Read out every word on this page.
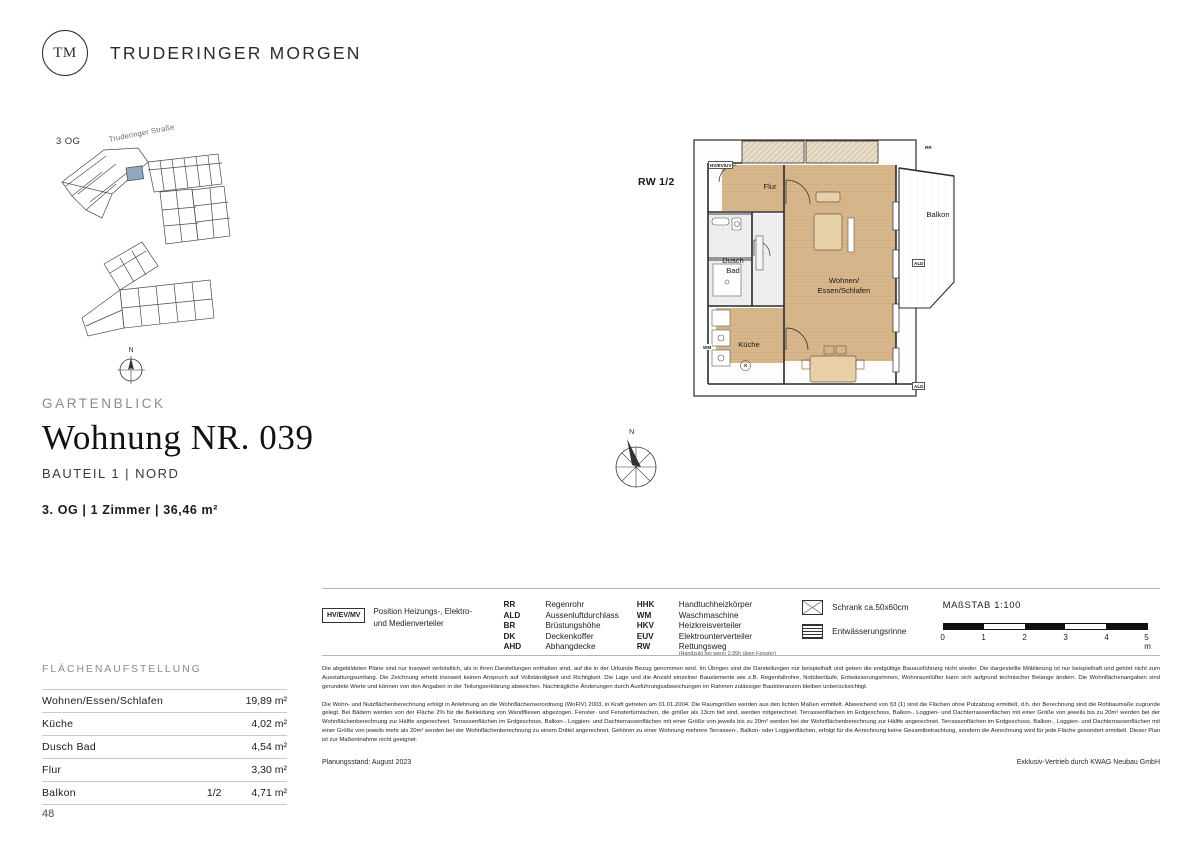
TM	TRUDERINGER MORGEN
3 OG	Truderinger Straße
N
GARTENBLICK
Wohnung NR. 039
BAUTEIL 1 | NORD
3. OG | 1 Zimmer | 36,46 m²
FLÄCHENAUFSTELLUNG
Wohnen/Essen/Schlafen		19,89 m²
Küche		4,02 m²
Dusch Bad		4,54 m²
Flur		3,30 m²
Balkon	1/2	4,71 m²
48
RW 1/2	Flur
Dusch
Bad
Küche
Wohnen/
Essen/Schlafen
Balkon
HV/EV/UV
RR
ALD
ALD
WM
N
HV/EV/MV	Position Heizungs-, Elektro- und Medienverteiler
RR	Regenrohr
ALD	Aussenluftdurchlass
BR	Brüstungshöhe
DK	Deckenkoffer
AHD	Abhangdecke
HHK	Handtuchheizkörper
WM	Waschmaschine
HKV	Heizkreisverteiler
EUV	Elektrounterverteiler
RW	Rettungsweg
(Handzukl bei wenn 2,95h üben Fenster)
Schrank ca.50x60cm
Entwässerungsrinne
MAßSTAB 1:100
0	1	2	3	4	5 m

Die abgebildeten Pläne sind nur insoweit verbindlich, als in ihren Darstellungen enthalten sind, auf die in der Urkunde Bezug genommen wird. Im Übrigen sind die Darstellungen nur beispielhaft und geben die endgültige Bauausführung nicht wieder. Die dargestellte Möblierung ist nur beispielhaft und gehört nicht zum Ausstattungsumfang. Die Zeichnung erhebt insoweit keinen Anspruch auf Vollständigkeit und Richtigkeit. Die Lage und die Anzahl einzelner Bauelemente wie z.B. Regenfallrohre, Notüberläufe, Entwässerungsrinnen, Wohnraumlüfter kann sich aufgrund technischer Belange ändern. Die Wohnflächenangaben sind gerundete Werte und können von den Angaben in der Teilungserklärung abweichen. Nachträgliche Änderungen durch Ausführungsabweichungen im Rahmen zulässiger Bautoleranzen bleiben unberücksichtigt.

Die Wohn- und Nutzflächenberechnung erfolgt in Anlehnung an die Wohnflächenverordnung (WoFIV) 2003, in Kraft getreten am 01.01.2004. Die Raumgrößen werden aus den lichten Maßen ermittelt. Abweichend von §3 (1) sind die Flächen ohne Putzabzug ermittelt, d.h. der Berechnung sind die Rohbaumaße zugrunde gelegt. Bei Bädern werden von der Fläche 2% für die Bekleidung von Wandfliesen abgezogen. Fenster- und Fenstertürnischen, die größer als 13cm tief sind, werden mitgerechnet. Terrassenflächen im Erdgeschoss, Balkon-, Loggien- und Dachterrassenflächen mit einer Größe von jeweils bis zu 20m² werden bei der Wohnflächenberechnung zur Hälfte angerechnet. Terrassenflächen im Erdgeschoss, Balkon-, Loggien- und Dachterrassenflächen mit einer Größe von jeweils bis zu 20m² werden bei der Wohnflächenberechnung zur Hälfte angerechnet. Terrassenflächen im Erdgeschoss, Balkon-, Loggien- und Dachterrassenflächen mit einer Größe von jeweils mehr als 20m² werden bei der Wohnflächenberechnung zu einem Drittel angerechnet. Gehören zu einer Wohnung mehrere Terrassen-, Balkon- oder Loggienflächen, erfolgt für die Anrechnung keine Gesamtbetrachtung, sondern die Anrechnung wird für jede Fläche gesondert ermittelt. Dieser Plan ist zur Maßentnahme nicht geeignet.

Planungsstand: August 2023	Exklusiv-Vertrieb durch KWAG Neubau GmbH
